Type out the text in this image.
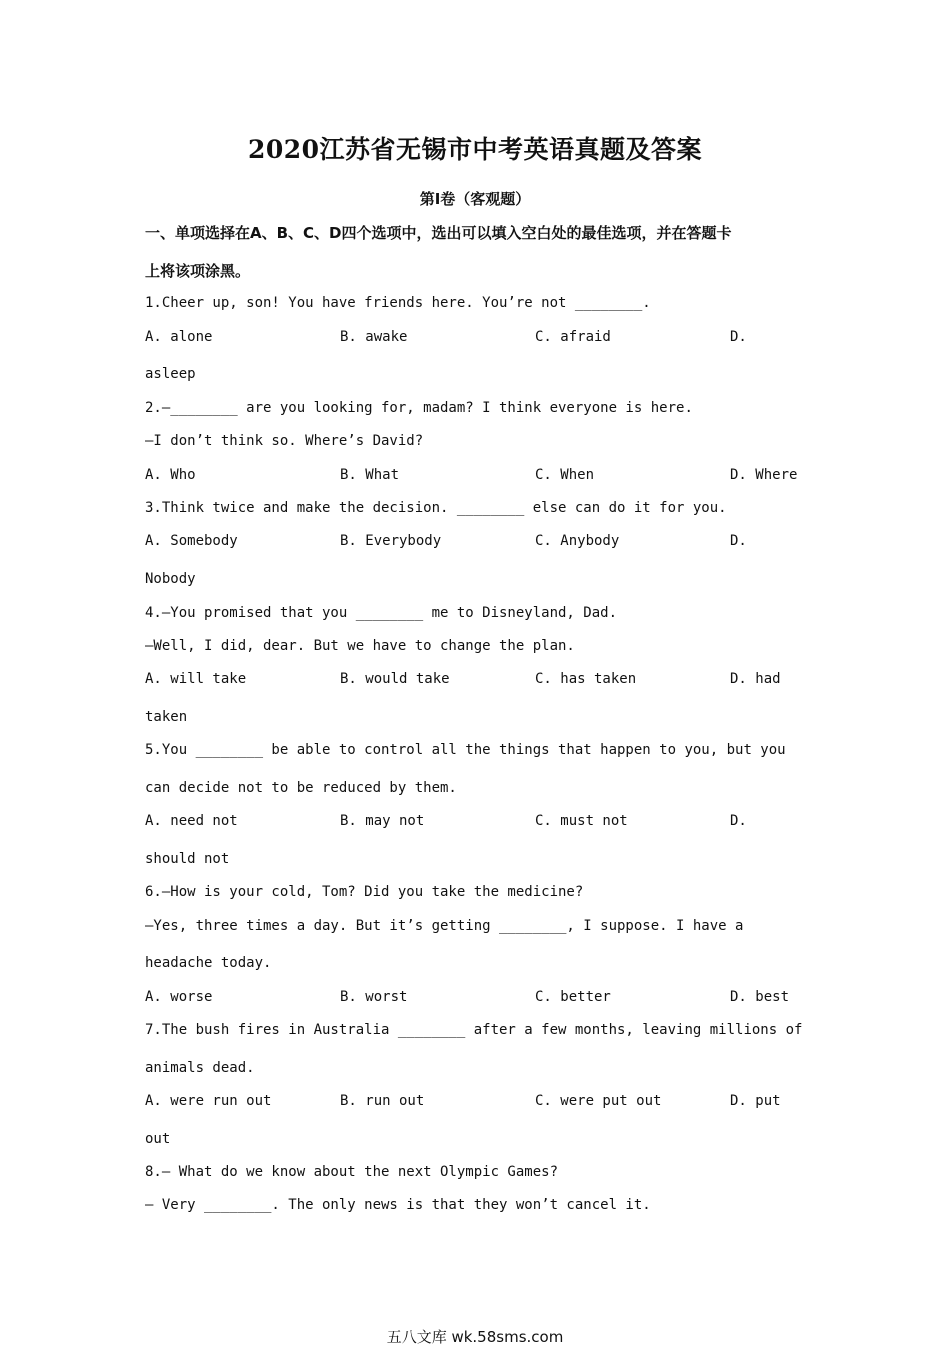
2020江苏省无锡市中考英语真题及答案
第Ⅰ卷（客观题）
一、单项选择在A、B、C、D四个选项中，选出可以填入空白处的最佳选项，并在答题卡
上将该项涂黑。
1.Cheer up, son! You have friends here. You’re not ________.
A. alone	B. awake	C. afraid	D.
asleep
2.—________ are you looking for, madam? I think everyone is here.
—I don’t think so. Where’s David?
A. Who	B. What	C. When	D. Where
3.Think twice and make the decision. ________ else can do it for you.
A. Somebody	B. Everybody	C. Anybody	D.
Nobody
4.—You promised that you ________ me to Disneyland, Dad.
—Well, I did, dear. But we have to change the plan.
A. will take	B. would take	C. has taken	D. had
taken
5.You ________ be able to control all the things that happen to you, but you
can decide not to be reduced by them.
A. need not	B. may not	C. must not	D.
should not
6.—How is your cold, Tom? Did you take the medicine?
—Yes, three times a day. But it’s getting ________, I suppose. I have a
headache today.
A. worse	B. worst	C. better	D. best
7.The bush fires in Australia ________ after a few months, leaving millions of
animals dead.
A. were run out	B. run out	C. were put out	D. put
out
8.— What do we know about the next Olympic Games?
— Very ________. The only news is that they won’t cancel it.
五八文库 wk.58sms.com
